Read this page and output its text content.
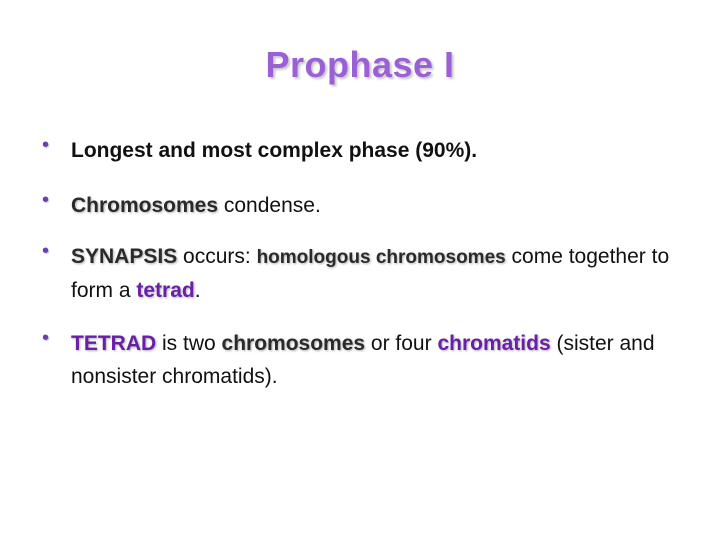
Prophase I
• Longest and most complex phase (90%).
• Chromosomes condense.
• SYNAPSIS occurs: homologous chromosomes come together to form a tetrad.
• TETRAD is two chromosomes or four chromatids (sister and nonsister chromatids).
